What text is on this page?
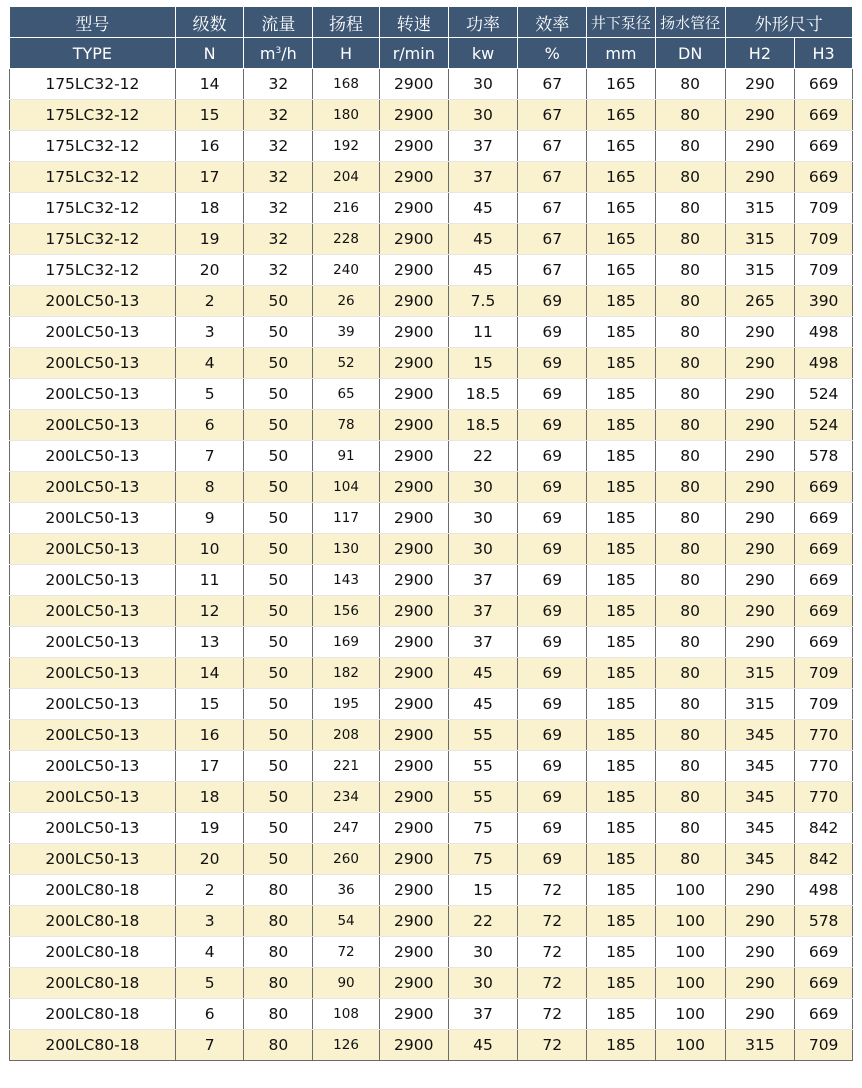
型号	级数	流量	扬程	转速	功率	效率	井下泵径	扬水管径	外形尺寸	
TYPE	N	$m^3/h$	H	r/min	kw	%	mm	DN	H2	H3
175LC32-12	14	32	168	2900	30	67	165	80	290	669
175LC32-12	15	32	180	2900	30	67	165	80	290	669
175LC32-12	16	32	192	2900	37	67	165	80	290	669
175LC32-12	17	32	204	2900	37	67	165	80	290	669
175LC32-12	18	32	216	2900	45	67	165	80	315	709
175LC32-12	19	32	228	2900	45	67	165	80	315	709
175LC32-12	20	32	240	2900	45	67	165	80	315	709
200LC50-13	2	50	26	2900	7.5	69	185	80	265	390
200LC50-13	3	50	39	2900	11	69	185	80	290	498
200LC50-13	4	50	52	2900	15	69	185	80	290	498
200LC50-13	5	50	65	2900	18.5	69	185	80	290	524
200LC50-13	6	50	78	2900	18.5	69	185	80	290	524
200LC50-13	7	50	91	2900	22	69	185	80	290	578
200LC50-13	8	50	104	2900	30	69	185	80	290	669
200LC50-13	9	50	117	2900	30	69	185	80	290	669
200LC50-13	10	50	130	2900	30	69	185	80	290	669
200LC50-13	11	50	143	2900	37	69	185	80	290	669
200LC50-13	12	50	156	2900	37	69	185	80	290	669
200LC50-13	13	50	169	2900	37	69	185	80	290	669
200LC50-13	14	50	182	2900	45	69	185	80	315	709
200LC50-13	15	50	195	2900	45	69	185	80	315	709
200LC50-13	16	50	208	2900	55	69	185	80	345	770
200LC50-13	17	50	221	2900	55	69	185	80	345	770
200LC50-13	18	50	234	2900	55	69	185	80	345	770
200LC50-13	19	50	247	2900	75	69	185	80	345	842
200LC50-13	20	50	260	2900	75	69	185	80	345	842
200LC80-18	2	80	36	2900	15	72	185	100	290	498
200LC80-18	3	80	54	2900	22	72	185	100	290	578
200LC80-18	4	80	72	2900	30	72	185	100	290	669
200LC80-18	5	80	90	2900	30	72	185	100	290	669
200LC80-18	6	80	108	2900	37	72	185	100	290	669
200LC80-18	7	80	126	2900	45	72	185	100	315	709
